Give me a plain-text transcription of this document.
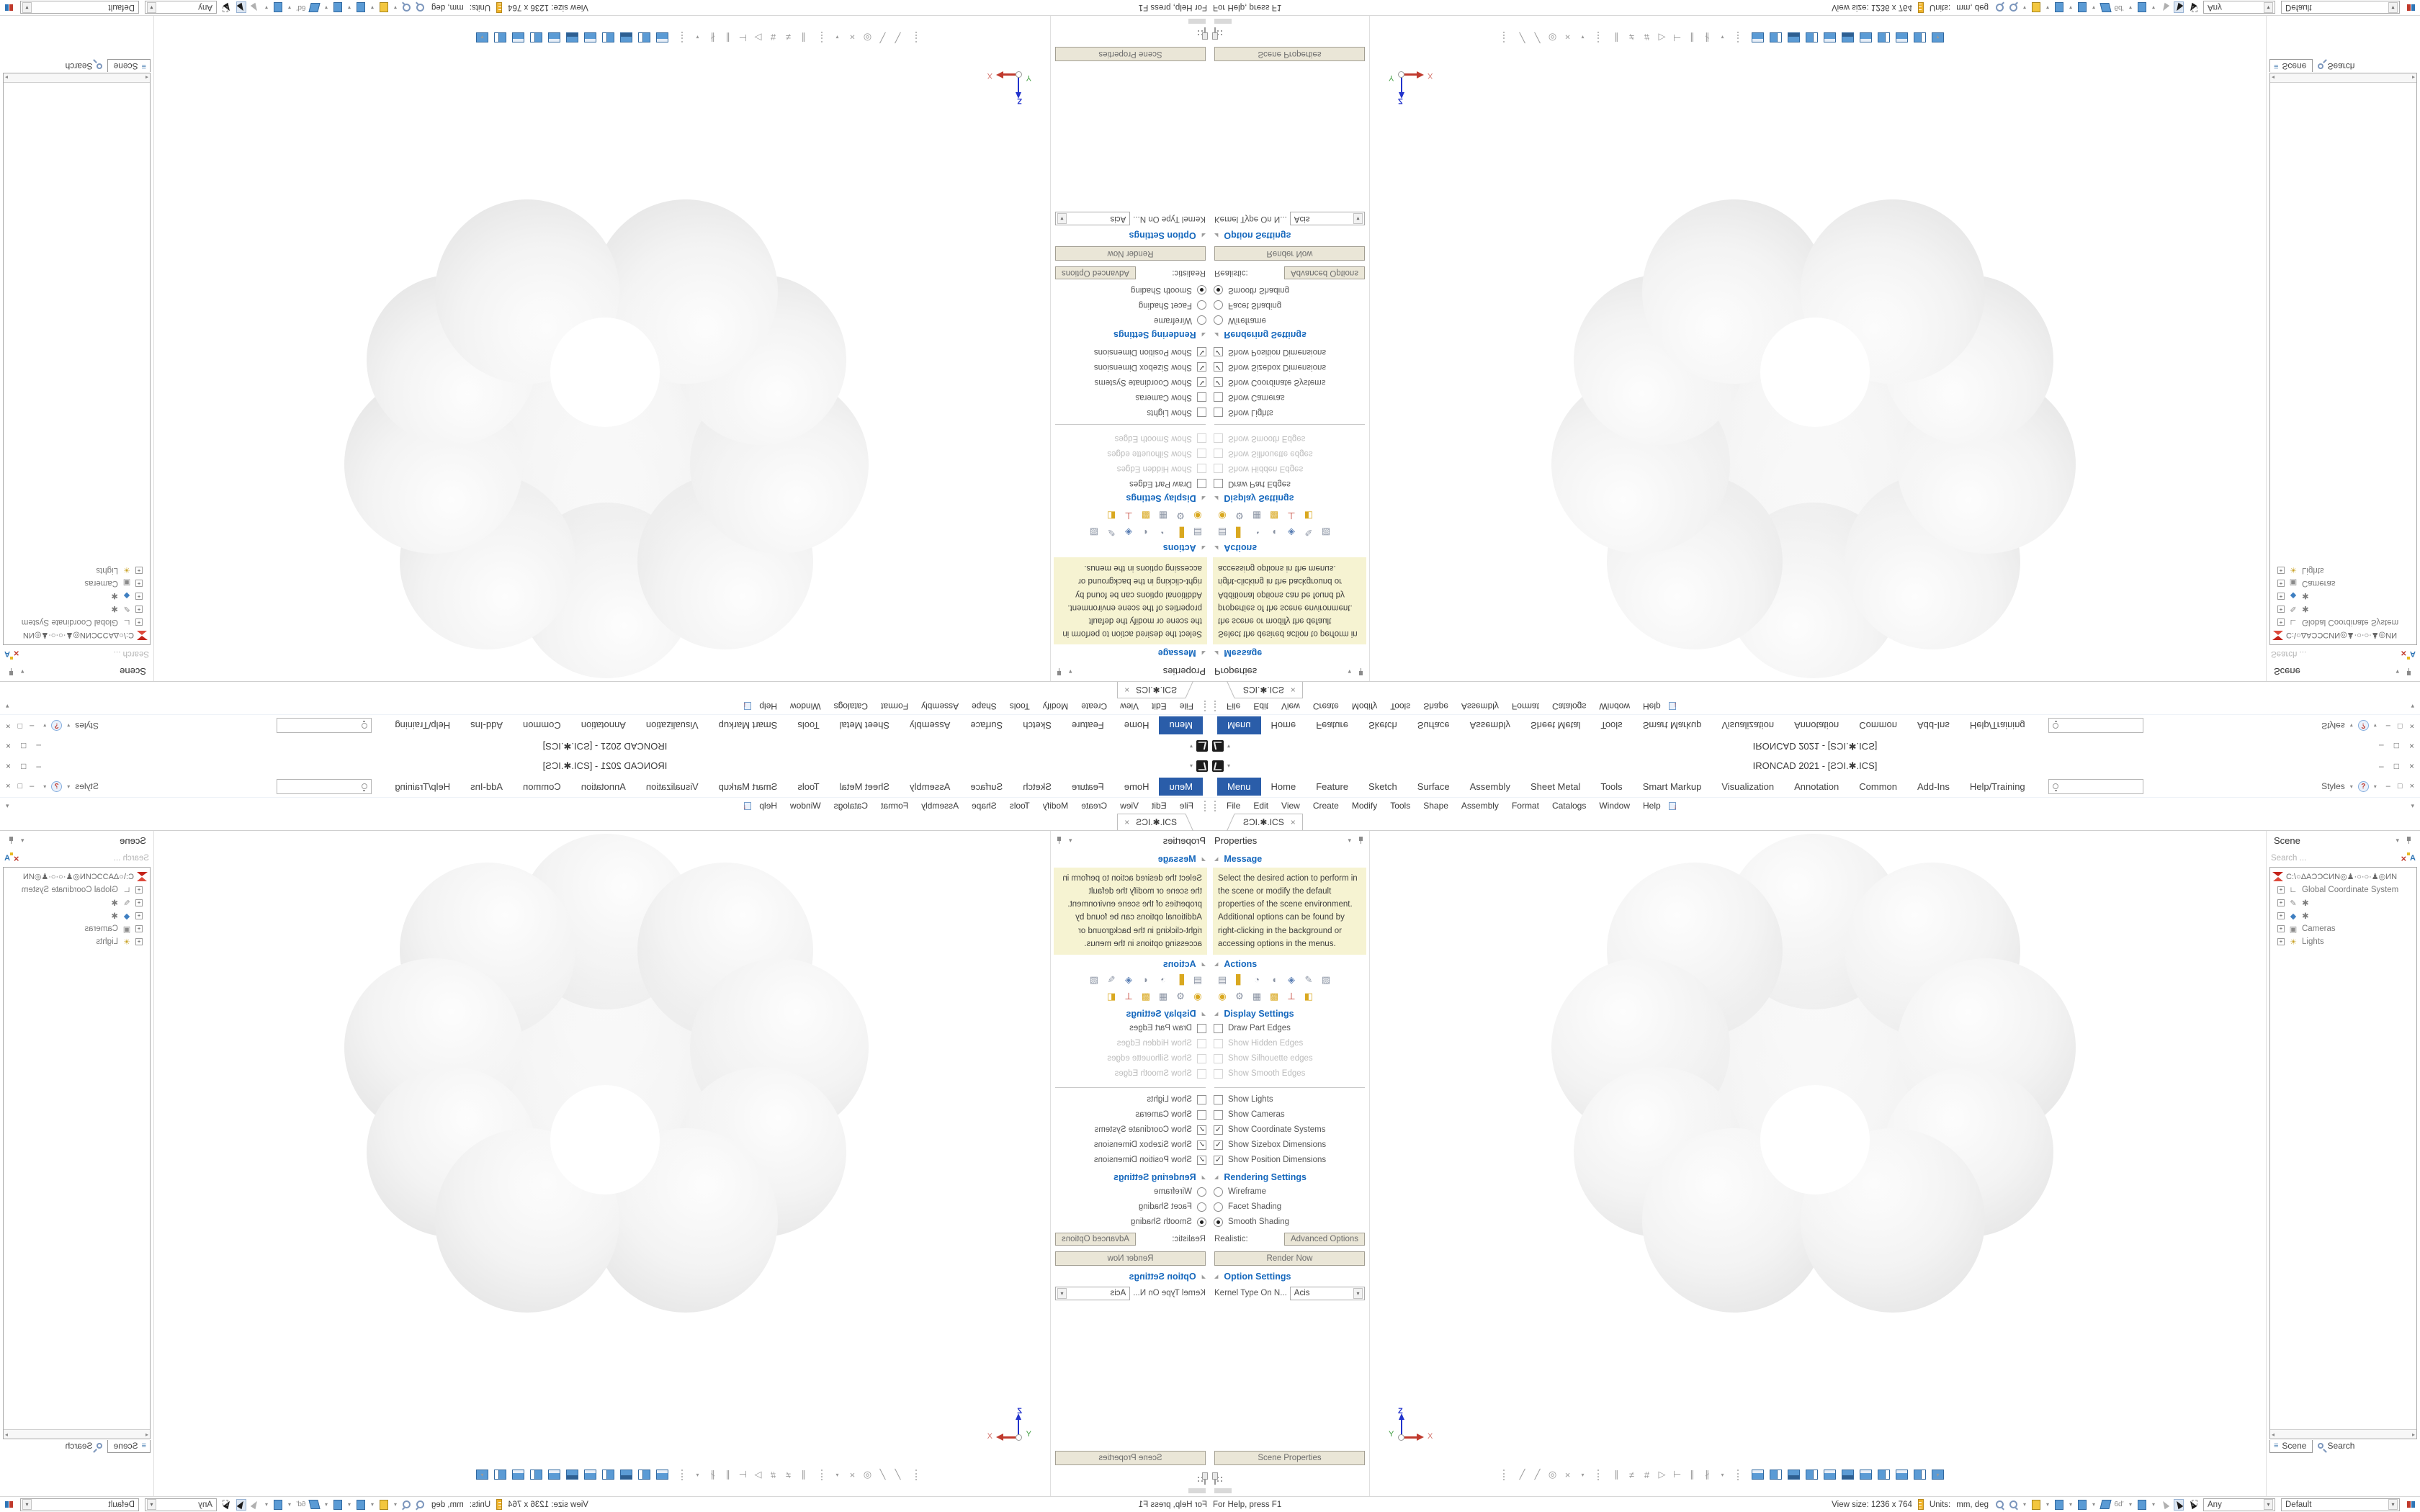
▾	IRONCAD 2021 - [ƧƆI.✱.ICS]	– □ ×
Menu	Home	Feature	Sketch	Surface	Assembly	Sheet Metal	Tools	Smart Markup	Visualization	Annotation	Common	Add-Ins	Help/Training	Styles ▾	?	▾ – □ ×
File	Edit	View	Create	Modify	Tools	Shape	Assembly	Format	Catalogs	Window	Help	↓	▾
ƧƆI.✱.ICS ×
Properties	▾
◢ Message
Select the desired action to perform in the scene or modify the default properties of the scene environment. Additional options can be found by right-clicking in the background or accessing options in the menus.
◢ Actions
▤ ▋	◔	◖	◈	✎ ▨
◉ ⚙ ▦ ▩ ⊥ ◧
◢ Display Settings
Draw Part Edges
Show Hidden Edges
Show Silhouette edges
Show Smooth Edges
Show Lights
Show Cameras
✓
Show Coordinate Systems
✓
Show Sizebox Dimensions
✓
Show Position Dimensions
◢ Rendering Settings
Wireframe
Facet Shading
Smooth Shading
Realistic:	Advanced Options
Render Now
◢ Option Settings
Kernel Type On N... Acis	▾
Scene Properties
Z
X
Y
╱	╱ ◎ ×	▾	∥	≠	# ▷ ⊢ ∥	∦	▾	▾
Scene	▾
Search ...
× A
C:\○ΔAƆƆCИN◎♟·○·○·♟◎ИN
+ ∟ Global Coordinate System
+ ✎ ✱
+ ◆ ✱
+ ▣ Cameras
+ ☀ Lights
◂	▸
≡ Scene Search
For Help, press F1	View size: 1236 x 764 Units: mm, deg	▾	▾	▾	▾	6d′ ▾	▾	Any	▾	Default	▾
▾
IRONCAD 2021 - [ƧƆI.✱.ICS]
–
□
×
Menu
Home
Feature
Sketch
Surface
Assembly
Sheet Metal
Tools
Smart Markup
Visualization
Annotation
Common
Add-Ins
Help/Training
Styles
▾
?
▾
–
□
×
File
Edit
View
Create
Modify
Tools
Shape
Assembly
Format
Catalogs
Window
Help
↓
▾
ƧƆI.✱.ICS
×
Properties
▾
◢
Message
Select the desired action to perform in the scene or modify the default properties of the scene environment. Additional options can be found by right-clicking in the background or accessing options in the menus.
◢
Actions
▤
▋
◔
◖
◈
✎
▨
◉
⚙
▦
▩
⊥
◧
◢
Display Settings
Draw Part Edges
Show Hidden Edges
Show Silhouette edges
Show Smooth Edges
Show Lights
Show Cameras
✓
Show Coordinate Systems
✓
Show Sizebox Dimensions
✓
Show Position Dimensions
◢
Rendering Settings
Wireframe
Facet Shading
Smooth Shading
Realistic:
Advanced Options
Render Now
◢
Option Settings
Kernel Type On N...
Acis
▾
Scene Properties
Z
X	Y
╱
╱
◎
×
▾
∥
≠
#
▷
⊢
∥
∦
▾
▾
Scene
▾
Search ...
×
A
C:\○ΔAƆƆCИN◎♟·○·○·♟◎ИN
+
∟
Global Coordinate System
+
✎
✱
+
◆
✱
+
▣
Cameras
+
☀
Lights
◂
▸
≡
Scene
Search
For Help, press F1
View size: 1236 x 764
Units:
mm, deg
▾
▾
▾
▾
6d′
▾
▾
Any
▾
Default
▾
▾	IRONCAD 2021 - [ƧƆI.✱.ICS]	– □ ×
Menu	Home	Feature	Sketch	Surface	Assembly	Sheet Metal	Tools	Smart Markup	Visualization	Annotation	Common	Add-Ins	Help/Training	Styles ▾	?	▾ – □ ×
File	Edit	View	Create	Modify	Tools	Shape	Assembly	Format	Catalogs	Window	Help	↓	▾
ƧƆI.✱.ICS ×
Properties	▾
◢ Message
Select the desired action to perform in the scene or modify the default properties of the scene environment. Additional options can be found by right-clicking in the background or accessing options in the menus.
◢ Actions
▤ ▋	◔	◖	◈	✎ ▨
◉ ⚙ ▦ ▩ ⊥ ◧
◢ Display Settings
Draw Part Edges
Show Hidden Edges
Show Silhouette edges
Show Smooth Edges
Show Lights
Show Cameras
✓
Show Coordinate Systems
✓
Show Sizebox Dimensions
✓
Show Position Dimensions
◢ Rendering Settings
Wireframe
Facet Shading
Smooth Shading
Realistic:	Advanced Options
Render Now
◢ Option Settings
Kernel Type On N... Acis	▾
Scene Properties
Z
X
Y
╱	╱ ◎ ×	▾	∥	≠	# ▷ ⊢ ∥	∦	▾	▾
Scene	▾
Search ...
× A
C:\○ΔAƆƆCИN◎♟·○·○·♟◎ИN
+ ∟ Global Coordinate System
+ ✎ ✱
+ ◆ ✱
+ ▣ Cameras
+ ☀ Lights
◂	▸
≡ Scene Search
For Help, press F1	View size: 1236 x 764 Units: mm, deg	▾	▾	▾	▾	6d′ ▾	▾	Any	▾	Default	▾
▾
IRONCAD 2021 - [ƧƆI.✱.ICS]
–
□
×
Menu
Home
Feature
Sketch
Surface
Assembly
Sheet Metal
Tools
Smart Markup
Visualization
Annotation
Common
Add-Ins
Help/Training
Styles
▾
?
▾
–
□
×
File
Edit
View
Create
Modify
Tools
Shape
Assembly
Format
Catalogs
Window
Help
↓
▾
ƧƆI.✱.ICS
×
Properties
▾
◢
Message
Select the desired action to perform in the scene or modify the default properties of the scene environment. Additional options can be found by right-clicking in the background or accessing options in the menus.
◢
Actions
▤
▋
◔
◖
◈
✎
▨
◉
⚙
▦
▩
⊥
◧
◢
Display Settings
Draw Part Edges
Show Hidden Edges
Show Silhouette edges
Show Smooth Edges
Show Lights
Show Cameras
✓
Show Coordinate Systems
✓
Show Sizebox Dimensions
✓
Show Position Dimensions
◢
Rendering Settings
Wireframe
Facet Shading
Smooth Shading
Realistic:
Advanced Options
Render Now
◢
Option Settings
Kernel Type On N...
Acis
▾
Scene Properties
Z
X	Y
╱
╱
◎
×
▾
∥
≠
#
▷
⊢
∥
∦
▾
▾
Scene
▾
Search ...
×
A
C:\○ΔAƆƆCИN◎♟·○·○·♟◎ИN
+
∟
Global Coordinate System
+
✎
✱
+
◆
✱
+
▣
Cameras
+
☀
Lights
◂
▸
≡
Scene
Search
For Help, press F1
View size: 1236 x 764
Units:
mm, deg
▾
▾
▾
▾
6d′
▾
▾
Any
▾
Default
▾
